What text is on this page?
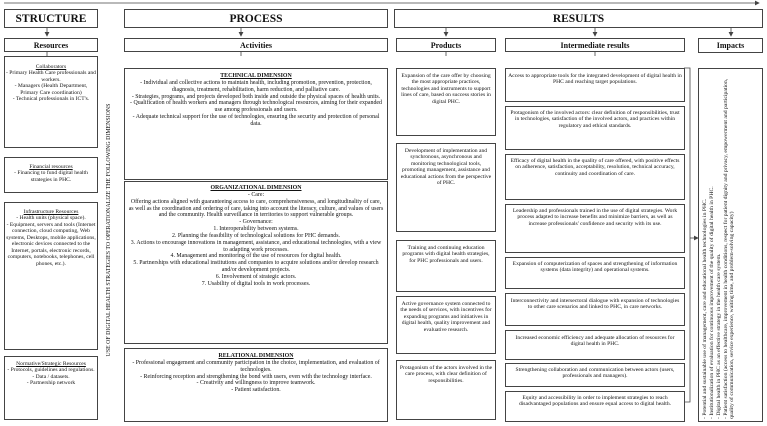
STRUCTURE	PROCESS	RESULTS
Resources	Activities	Products	Intermediate results	Impacts
Collaborators
- Primary Health Care professionals and workers.
- Managers (Health Department, Primary Care coordination)
- Technical professionals in ICT's.
Financial resources
- Financing to fund digital health strategies in PHC.
Infrastructure Resources
- Health units (physical space).
- Equipment, servers and tools (Internet connection, cloud computing, Web systems, Desktops, mobile applications, electronic devices connected to the Internet, portals, electronic records, computers, notebooks, telephones, cell phones, etc.).
Normative/Strategic Resources
- Protocols, guidelines and regulations.
- Data / datasets.
- Partnership network
USE OF DIGITAL HEALTH STRATEGIES TO OPERATIONALIZE THE FOLLOWING DIMENSIONS
TECHNICAL DIMENSION
- Individual and collective actions to maintain health, including promotion, prevention, protection, diagnosis, treatment, rehabilitation, harm reduction, and palliative care.
- Strategies, programs, and projects developed both inside and outside the physical spaces of health units.
- Qualification of health workers and managers through technological resources, aiming for their expanded use among professionals and users.
- Adequate technical support for the use of technologies, ensuring the security and protection of personal data.
ORGANIZATIONAL DIMENSION
- Care:
Offering actions aligned with guaranteeing access to care, comprehensiveness, and longitudinality of care, as well as the coordination and ordering of care, taking into account the literacy, culture, and values of users and the community. Health surveillance in territories to support vulnerable groups.
- Governance:
1. Interoperability between systems.
2. Planning the feasibility of technological solutions for PHC demands.
3. Actions to encourage innovations in management, assistance, and educational technologies, with a view to adapting work processes.
4. Management and monitoring of the use of resources for digital health.
5. Partnerships with educational institutions and companies to acquire solutions and/or develop research and/or development projects.
6. Involvement of strategic actors.
7. Usability of digital tools in work processes.
RELATIONAL DIMENSION
- Professional engagement and community participation in the choice, implementation, and evaluation of technologies.
- Reinforcing reception and strengthening the bond with users, even with the technology interface.
- Creativity and willingness to improve teamwork.
- Patient satisfaction.
Expansion of the care offer by choosing the most appropriate practices, technologies and instruments to support lines of care, based on success stories in digital PHC.
Development of implementation and synchronous, asynchronous and monitoring technological tools, promoting management, assistance and educational actions from the perspective of PHC.
Training and continuing education programs with digital health strategies, for PHC professionals and users.
Active governance system connected to the needs of services, with incentives for expanding programs and initiatives in digital health, quality improvement and evaluative research.
Protagonism of the actors involved in the care process, with clear definition of responsibilities.
Access to appropriate tools for the integrated development of digital health in PHC and reaching target populations.
Protagonism of the involved actors: clear definition of responsibilities, trust in technologies, satisfaction of the involved actors, and practices within regulatory and ethical standards.
Efficacy of digital health in the quality of care offered, with positive effects on adherence, satisfaction, acceptability, resolution, technical accuracy, continuity and coordination of care.
Leadership and professionals trained in the use of digital strategies. Work process adapted to increase benefits and minimize barriers, as well as increase professionals' confidence and security with its use.
Expansion of computerization of spaces and strengthening of information systems (data integrity) and operational systems.
Interconnectivity and intersectoral dialogue with expansion of technologies to other care scenarios and linked to PHC, in care networks.
Increased economic efficiency and adequate allocation of resources for digital health in PHC.
Strengthening collaboration and communication between actors (users, professionals and managers).
Equity and accessibility in order to implement strategies to reach disadvantaged populations and ensure equal access to digital health.	- Potential and sustainable use of management, care and educational health technologies in PHC. - Institutionalization of evaluation for continuous improvement of the quality of digital health in PHC. - Digital health in PHC as an effective strategy in the health care system. - Patient satisfaction (access to healthcare, improvement in health conditions, respect for patient dignity and privacy, empowerment and participation, quality of communication, service experience, waiting time, and problem-solving capacity)
